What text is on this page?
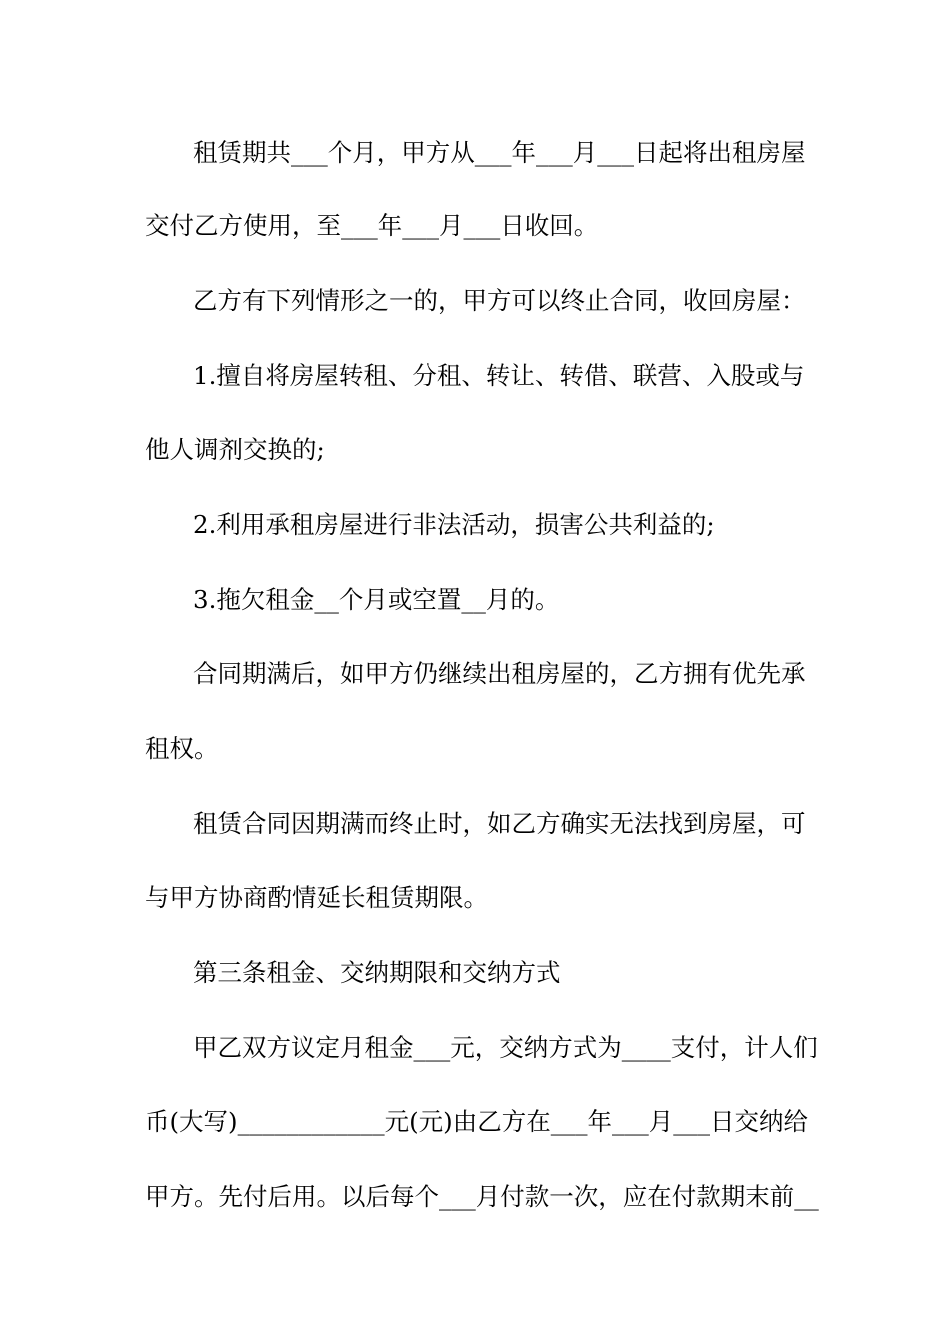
租赁期共___个月，甲方从___年___月___日起将出租房屋
交付乙方使用，至___年___月___日收回。
乙方有下列情形之一的，甲方可以终止合同，收回房屋：
1.擅自将房屋转租、分租、转让、转借、联营、入股或与
他人调剂交换的;
2.利用承租房屋进行非法活动，损害公共利益的;
3.拖欠租金__个月或空置__月的。
合同期满后，如甲方仍继续出租房屋的，乙方拥有优先承
租权。
租赁合同因期满而终止时，如乙方确实无法找到房屋，可
与甲方协商酌情延长租赁期限。
第三条租金、交纳期限和交纳方式
甲乙双方议定月租金___元，交纳方式为____支付，计人们
币(大写)____________元(元)由乙方在___年___月___日交纳给
甲方。先付后用。以后每个___月付款一次，应在付款期末前__
